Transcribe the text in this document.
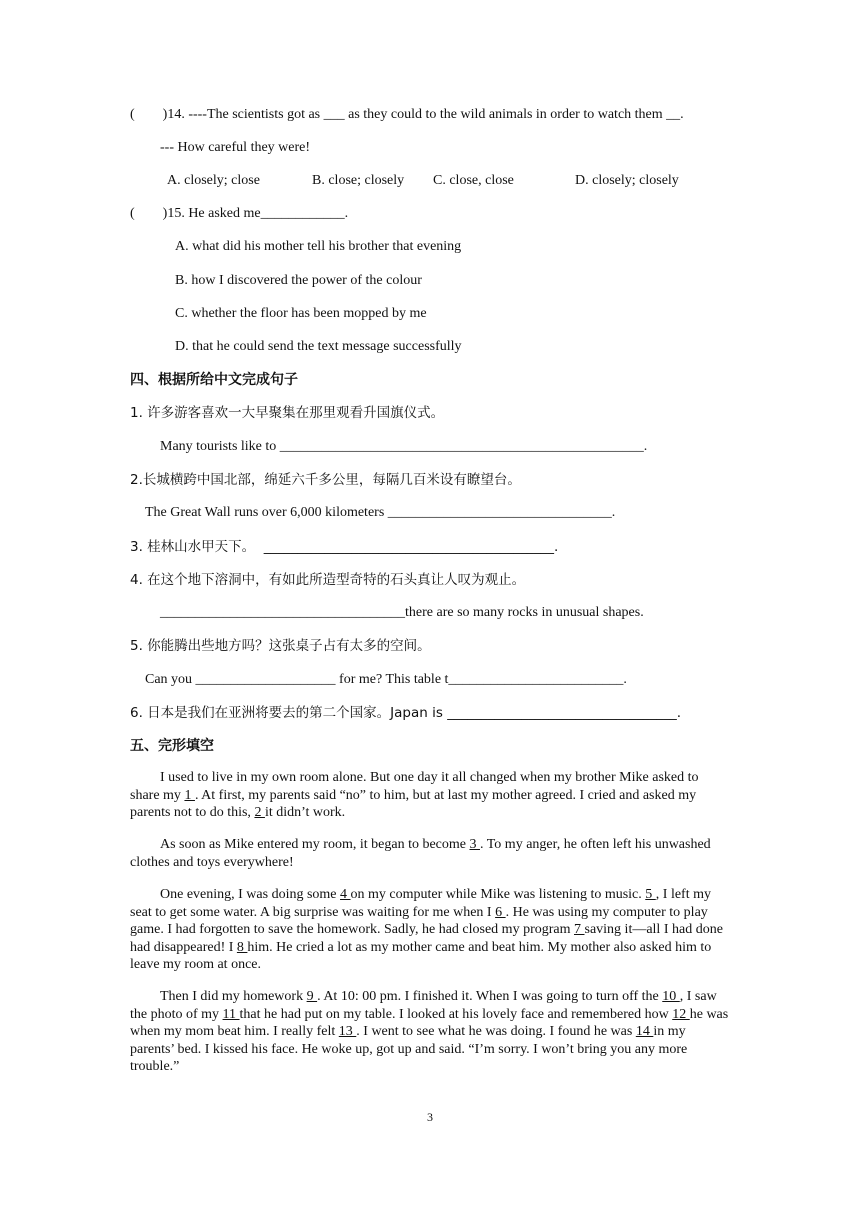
(        )14. ----The scientists got as ___ as they could to the wild animals in order to watch them __.
--- How careful they were!
A. closely; close	B. close; closely C. close, close	D. closely; closely
(        )15. He asked me____________.
A. what did his mother tell his brother that evening
B. how I discovered the power of the colour
C. whether the floor has been mopped by me
D. that he could send the text message successfully
四、根据所给中文完成句子
1. 许多游客喜欢一大早聚集在那里观看升国旗仪式。
Many tourists like to ____________________________________________________.
2.长城横跨中国北部，绵延六千多公里，每隔几百米设有瞭望台。
The Great Wall runs over 6,000 kilometers ________________________________.
3. 桂林山水甲天下。  ___________________________________________.
4. 在这个地下溶洞中，有如此所造型奇特的石头真让人叹为观止。
___________________________________there are so many rocks in unusual shapes.
5. 你能腾出些地方吗？这张桌子占有太多的空间。
Can you ____________________ for me? This table t_________________________.
6. 日本是我们在亚洲将要去的第二个国家。Japan is __________________________________.
五、完形填空
I used to live in my own room alone. But one day it all changed when my brother Mike asked to share my 1 . At first, my parents said “no” to him, but at last my mother agreed. I cried and asked my parents not to do this, 2 it didn’t work.
As soon as Mike entered my room, it began to become 3 . To my anger, he often left his unwashed clothes and toys everywhere!
One evening, I was doing some 4 on my computer while Mike was listening to music. 5 , I left my seat to get some water. A big surprise was waiting for me when I 6 . He was using my computer to play game. I had forgotten to save the homework. Sadly, he had closed my program 7 saving it—all I had done had disappeared! I 8 him. He cried a lot as my mother came and beat him. My mother also asked him to leave my room at once.
Then I did my homework 9 . At 10: 00 pm. I finished it. When I was going to turn off the 10 , I saw the photo of my 11 that he had put on my table. I looked at his lovely face and remembered how 12 he was when my mom beat him. I really felt 13 . I went to see what he was doing. I found he was 14 in my parents’ bed. I kissed his face. He woke up, got up and said. “I’m sorry. I won’t bring you any more trouble.”
3
